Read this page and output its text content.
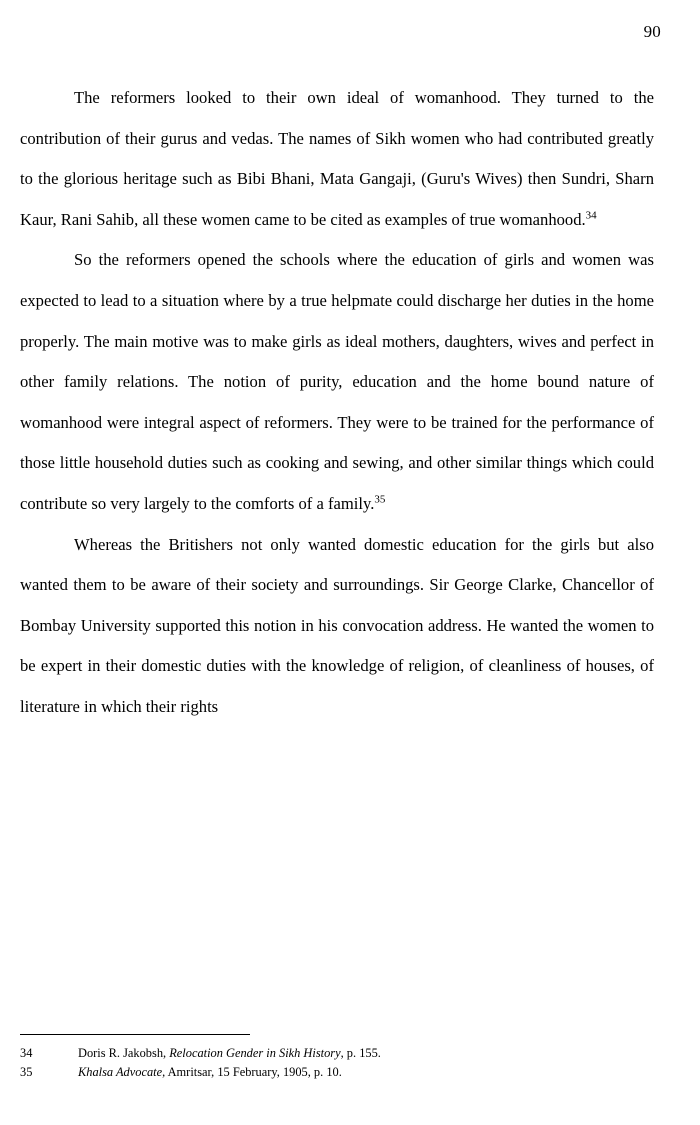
90

The reformers looked to their own ideal of womanhood. They turned to the contribution of their gurus and vedas. The names of Sikh women who had contributed greatly to the glorious heritage such as Bibi Bhani, Mata Gangaji, (Guru's Wives) then Sundri, Sharn Kaur, Rani Sahib, all these women came to be cited as examples of true womanhood.$^{34}$

So the reformers opened the schools where the education of girls and women was expected to lead to a situation where by a true helpmate could discharge her duties in the home properly. The main motive was to make girls as ideal mothers, daughters, wives and perfect in other family relations. The notion of purity, education and the home bound nature of womanhood were integral aspect of reformers. They were to be trained for the performance of those little household duties such as cooking and sewing, and other similar things which could contribute so very largely to the comforts of a family.$^{35}$

Whereas the Britishers not only wanted domestic education for the girls but also wanted them to be aware of their society and surroundings. Sir George Clarke, Chancellor of Bombay University supported this notion in his convocation address. He wanted the women to be expert in their domestic duties with the knowledge of religion, of cleanliness of houses, of literature in which their rights

34	Doris R. Jakobsh, Relocation Gender in Sikh History, p. 155.
35	Khalsa Advocate, Amritsar, 15 February, 1905, p. 10.
